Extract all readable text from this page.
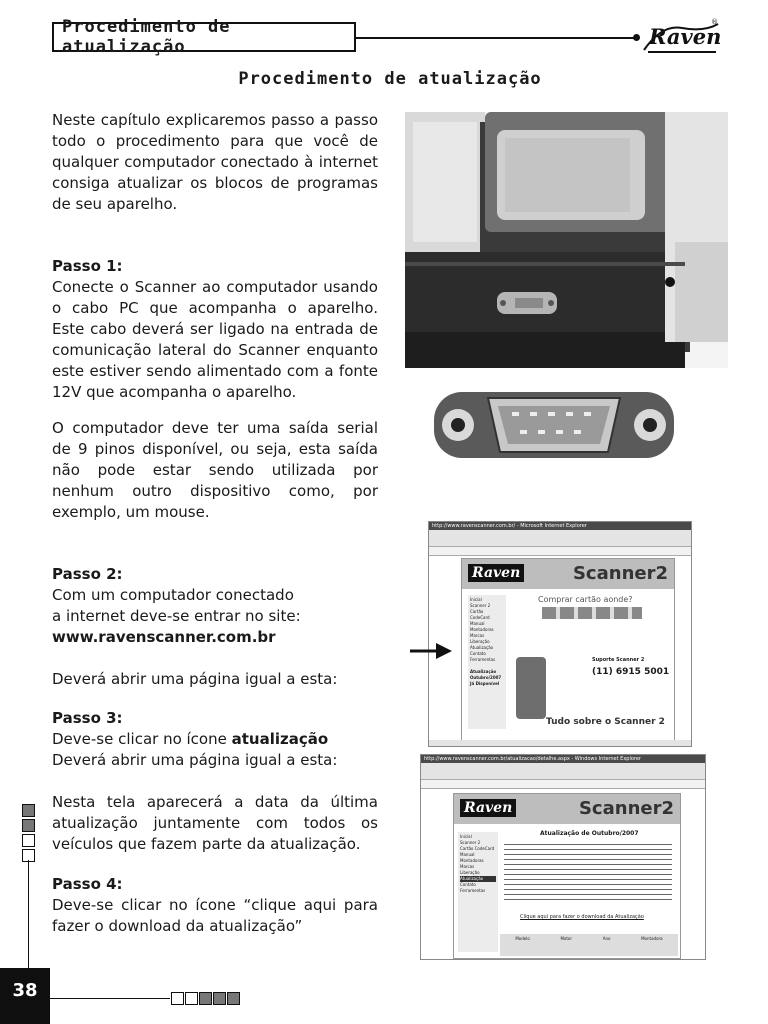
Procedimento de atualização	Raven
®
Procedimento de atualização

Neste capítulo explicaremos passo a passo todo o procedimento para que você de qualquer computador conectado à internet consiga atualizar os blocos de programas de seu aparelho.

Passo 1:

Conecte o Scanner ao computador usando o cabo PC que acompanha o aparelho. Este cabo deverá ser ligado na entrada de comunicação lateral do Scanner enquanto este estiver sendo alimentado com a fonte 12V que acompanha o aparelho.

O computador deve ter uma saída serial de 9 pinos disponível, ou seja, esta saída não pode estar sendo utilizada por nenhum outro dispositivo como, por exemplo, um mouse.

Passo 2:

Com um computador conectado

a internet deve-se entrar no site:

www.ravenscanner.com.br

Deverá abrir uma página igual a esta:

Passo 3:

Deve-se clicar no ícone atualização

Deverá abrir uma página igual a esta:

Nesta tela aparecerá a data da última atualização juntamente com todos os veículos que fazem parte da atualização.

Passo 4:

Deve-se clicar no ícone “clique aqui para fazer o download da atualização”

http://www.ravenscanner.com.br/ - Microsoft Internet Explorer
Raven	Scanner2
Inicial
Scanner 2
Cartão CodeCard
Manual
Montadoras
Marcas
Liberação
Atualização
Contato
Ferramentas
Atualização Outubro/2007 Já Disponível
Comprar cartão aonde?
Suporte Scanner 2
(11) 6915 5001
Tudo sobre o Scanner 2
http://www.ravenscanner.com.br/atualizacao/detalhe.aspx - Windows Internet Explorer
Raven	Scanner2
Inicial
Scanner 2
Cartão CodeCard
Manual
Montadoras
Marcas
Liberação
Atualização
Contato
Ferramentas
Atualização de Outubro/2007
Clique aqui para fazer o download da Atualização
Modelo	Motor	Ano	Montadora
38
